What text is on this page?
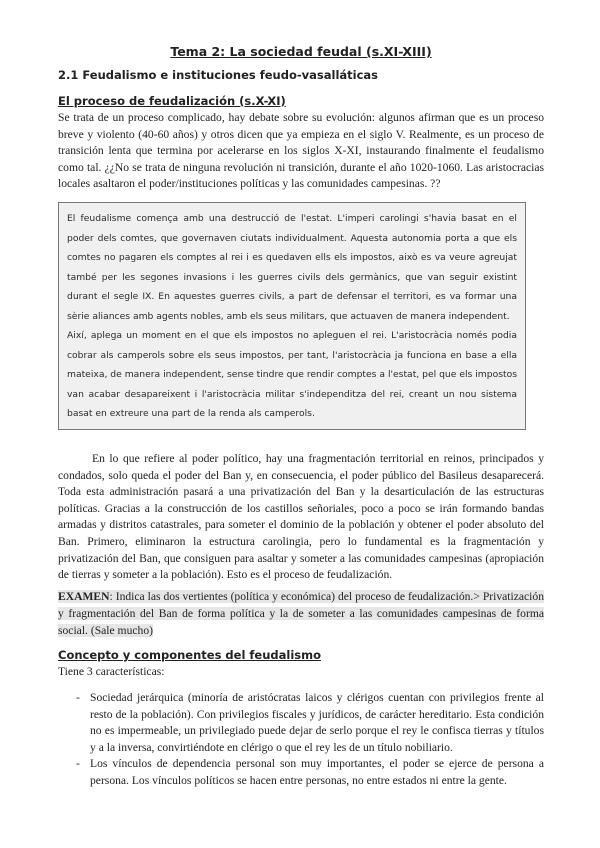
Tema 2: La sociedad feudal (s.XI-XIII)
2.1 Feudalismo e instituciones feudo-vasalláticas
El proceso de feudalización (s.X-XI)

Se trata de un proceso complicado, hay debate sobre su evolución: algunos afirman que es un proceso breve y violento (40-60 años) y otros dicen que ya empieza en el siglo V. Realmente, es un proceso de transición lenta que termina por acelerarse en los siglos X-XI, instaurando finalmente el feudalismo como tal. ¿¿No se trata de ninguna revolución ni transición, durante el año 1020-1060. Las aristocracias locales asaltaron el poder/instituciones políticas y las comunidades campesinas. ??

El feudalisme comença amb una destrucció de l'estat. L'imperi carolingi s'havia basat en el poder dels comtes, que governaven ciutats individualment. Aquesta autonomia porta a que els comtes no pagaren els comptes al rei i es quedaven ells els impostos, això es va veure agreujat també per les segones invasions i les guerres civils dels germànics, que van seguir existint durant el segle IX. En aquestes guerres civils, a part de defensar el territori, es va formar una sèrie aliances amb agents nobles, amb els seus militars, que actuaven de manera independent.

Així, aplega un moment en el que els impostos no apleguen el rei. L'aristocràcia només podia cobrar als camperols sobre els seus impostos, per tant, l'aristocràcia ja funciona en base a ella mateixa, de manera independent, sense tindre que rendir comptes a l'estat, pel que els impostos van acabar desapareixent i l'aristocràcia militar s'independitza del rei, creant un nou sistema basat en extreure una part de la renda als camperols.

En lo que refiere al poder político, hay una fragmentación territorial en reinos, principados y condados, solo queda el poder del Ban y, en consecuencia, el poder público del Basileus desaparecerá. Toda esta administración pasará a una privatización del Ban y la desarticulación de las estructuras políticas. Gracias a la construcción de los castillos señoriales, poco a poco se irán formando bandas armadas y distritos catastrales, para someter el dominio de la población y obtener el poder absoluto del Ban. Primero, eliminaron la estructura carolingia, pero lo fundamental es la fragmentación y privatización del Ban, que consiguen para asaltar y someter a las comunidades campesinas (apropiación de tierras y someter a la población). Esto es el proceso de feudalización.

EXAMEN: Indica las dos vertientes (política y económica) del proceso de feudalización.> Privatización y fragmentación del Ban de forma política y la de someter a las comunidades campesinas de forma social. (Sale mucho)

Concepto y componentes del feudalismo

Tiene 3 características:

- Sociedad jerárquica (minoría de aristócratas laicos y clérigos cuentan con privilegios frente al resto de la población). Con privilegios fiscales y jurídicos, de carácter hereditario. Esta condición no es impermeable, un privilegiado puede dejar de serlo porque el rey le confisca tierras y títulos y a la inversa, convirtiéndote en clérigo o que el rey les de un título nobiliario.
- Los vínculos de dependencia personal son muy importantes, el poder se ejerce de persona a persona. Los vínculos políticos se hacen entre personas, no entre estados ni entre la gente.
